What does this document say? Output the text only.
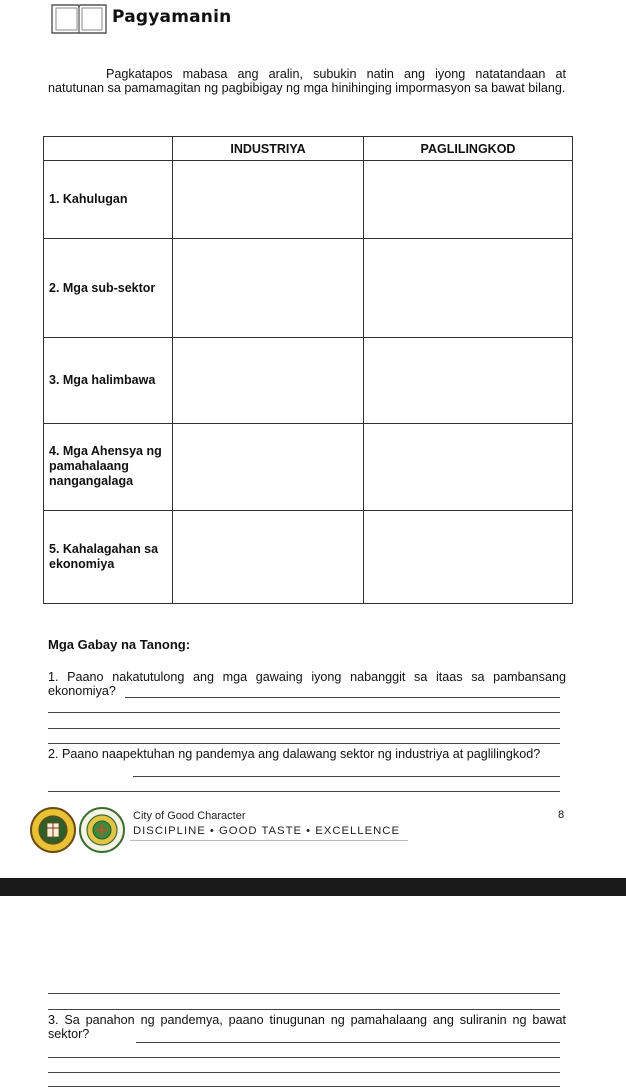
Pagyamanin
Pagkatapos mabasa ang aralin, subukin natin ang iyong natatandaan at natutunan sa pamamagitan ng pagbibigay ng mga hinihinging impormasyon sa bawat bilang.
	INDUSTRIYA	PAGLILINGKOD
1. Kahulugan		
2. Mga sub-sektor		
3. Mga halimbawa		
4. Mga Ahensya ng pamahalaang nangangalaga		
5. Kahalagahan sa ekonomiya		
Mga Gabay na Tanong:
1. Paano nakatutulong ang mga gawaing iyong nabanggit sa itaas sa pambansang ekonomiya?
2. Paano naapektuhan ng pandemya ang dalawang sektor ng industriya at paglilingkod?
City of Good Character
DISCIPLINE • GOOD TASTE • EXCELLENCE
8
3. Sa panahon ng pandemya, paano tinugunan ng pamahalaang ang suliranin ng bawat sektor?
